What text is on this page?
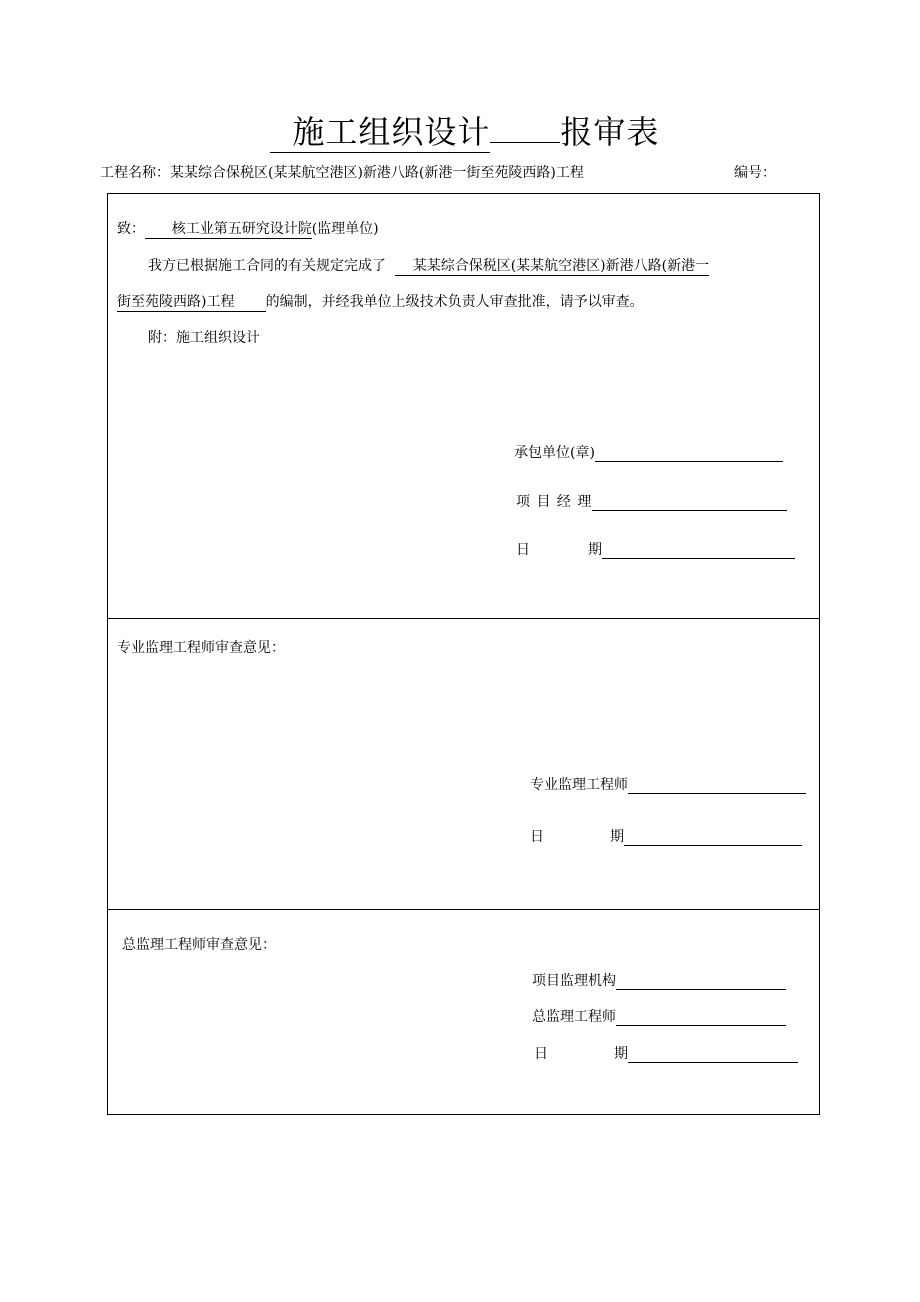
施工组织设计 报审表
工程名称：某某综合保税区(某某航空港区)新港八路(新港一街至苑陵西路)工程	编号：
致： 核工业第五研究设计院(监理单位)
我方已根据施工合同的有关规定完成了 某某综合保税区(某某航空港区)新港八路(新港一
街至苑陵西路)工程 的编制，并经我单位上级技术负责人审查批准，请予以审查。
附：施工组织设计
承包单位(章)
项 目 经 理
日	期
专业监理工程师审查意见：
专业监理工程师
日	期
总监理工程师审查意见：
项目监理机构
总监理工程师
日	期
